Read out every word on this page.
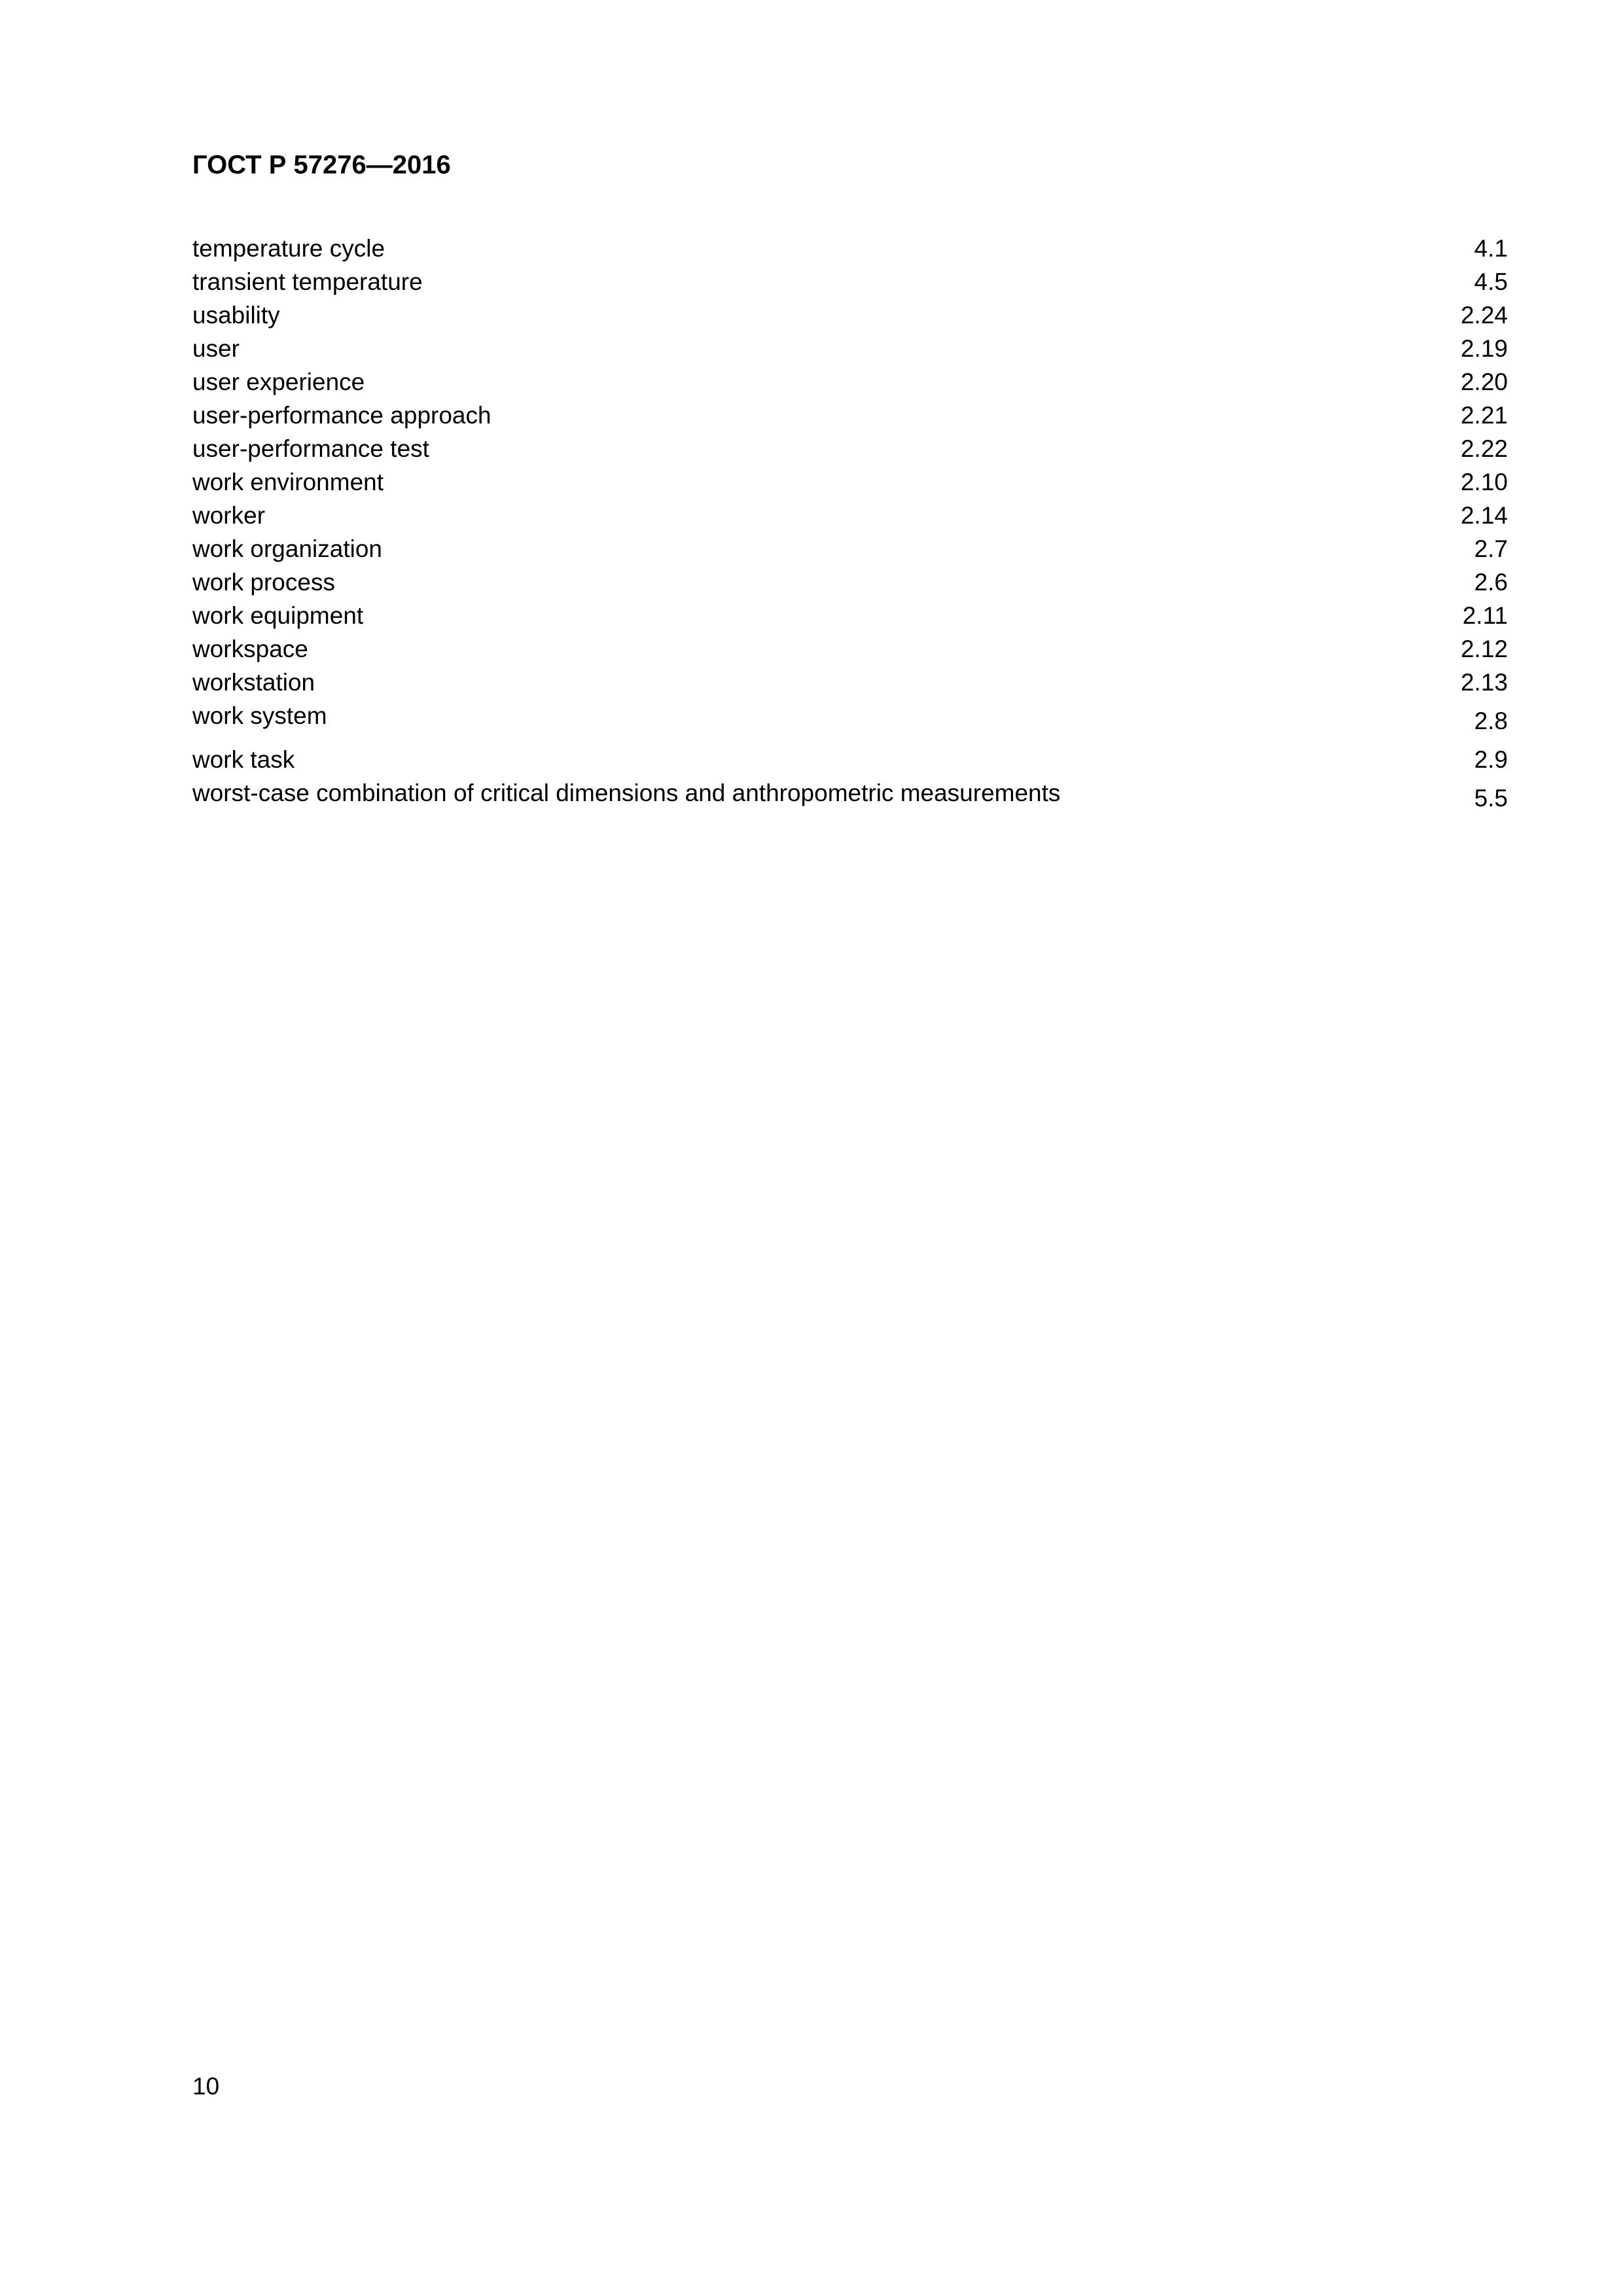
ГОСТ Р 57276—2016
temperature cycle	4.1
transient temperature	4.5
usability	2.24
user	2.19
user experience	2.20
user-performance approach	2.21
user-performance test	2.22
work environment	2.10
worker	2.14
work organization	2.7
work process	2.6
work equipment	2.11
workspace	2.12
workstation	2.13
work system	2.8
work task	2.9
worst-case combination of critical dimensions and anthropometric measurements	5.5
10
